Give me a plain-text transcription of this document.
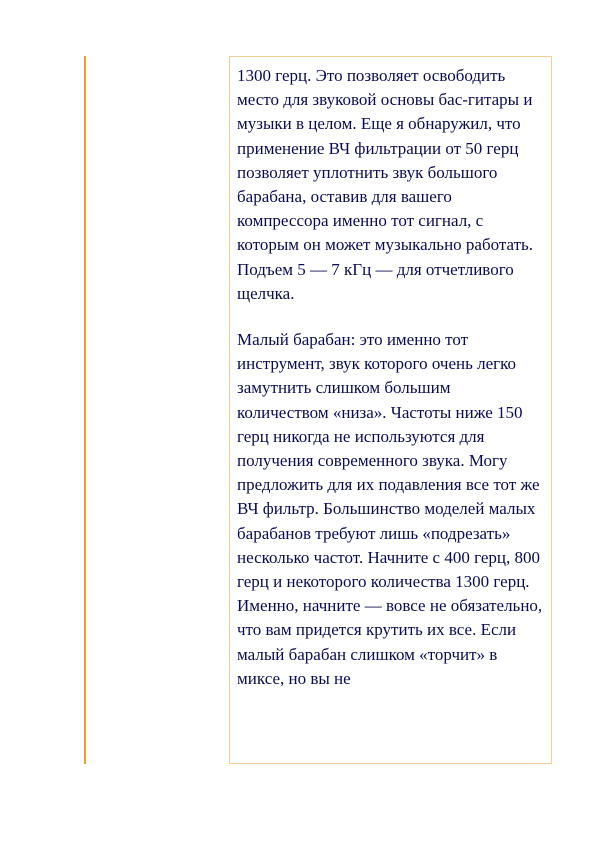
1300 герц. Это позволяет освободить место для звуковой основы бас-гитары и музыки в целом. Еще я обнаружил, что применение ВЧ фильтрации от 50 герц позволяет уплотнить звук большого барабана, оставив для вашего компрессора именно тот сигнал, с которым он может музыкально работать. Подъем 5 — 7 кГц — для отчетливого щелчка.

Малый барабан: это именно тот инструмент, звук которого очень легко замутнить слишком большим количеством «низа». Частоты ниже 150 герц никогда не используются для получения современного звука. Могу предложить для их подавления все тот же ВЧ фильтр. Большинство моделей малых барабанов требуют лишь «подрезать» несколько частот. Начните с 400 герц, 800 герц и некоторого количества 1300 герц. Именно, начните — вовсе не обязательно, что вам придется крутить их все. Если малый барабан слишком «торчит» в миксе, но вы не
